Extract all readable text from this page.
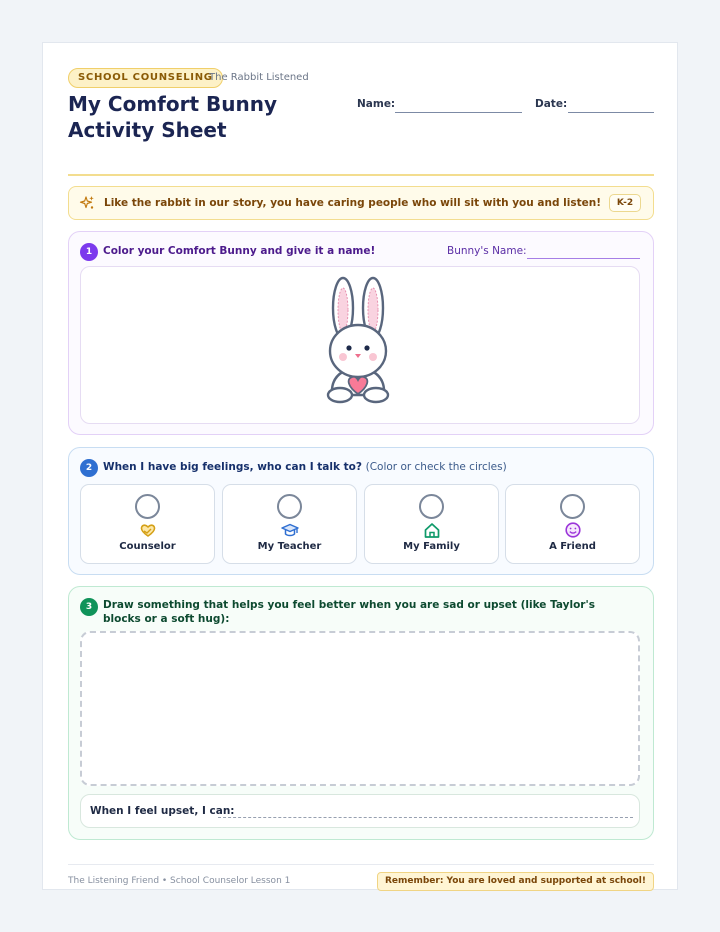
SCHOOL COUNSELING
The Rabbit Listened
My Comfort Bunny Activity Sheet
Name:	Date:
Like the rabbit in our story, you have caring people who will sit with you and listen!	K-2
1	Color your Comfort Bunny and give it a name!	Bunny's Name:
2	When I have big feelings, who can I talk to? (Color or check the circles)
Counselor	My Teacher	My Family	A Friend
3	Draw something that helps you feel better when you are sad or upset (like Taylor's blocks or a soft hug):
When I feel upset, I can:
The Listening Friend • School Counselor Lesson 1	Remember: You are loved and supported at school!
